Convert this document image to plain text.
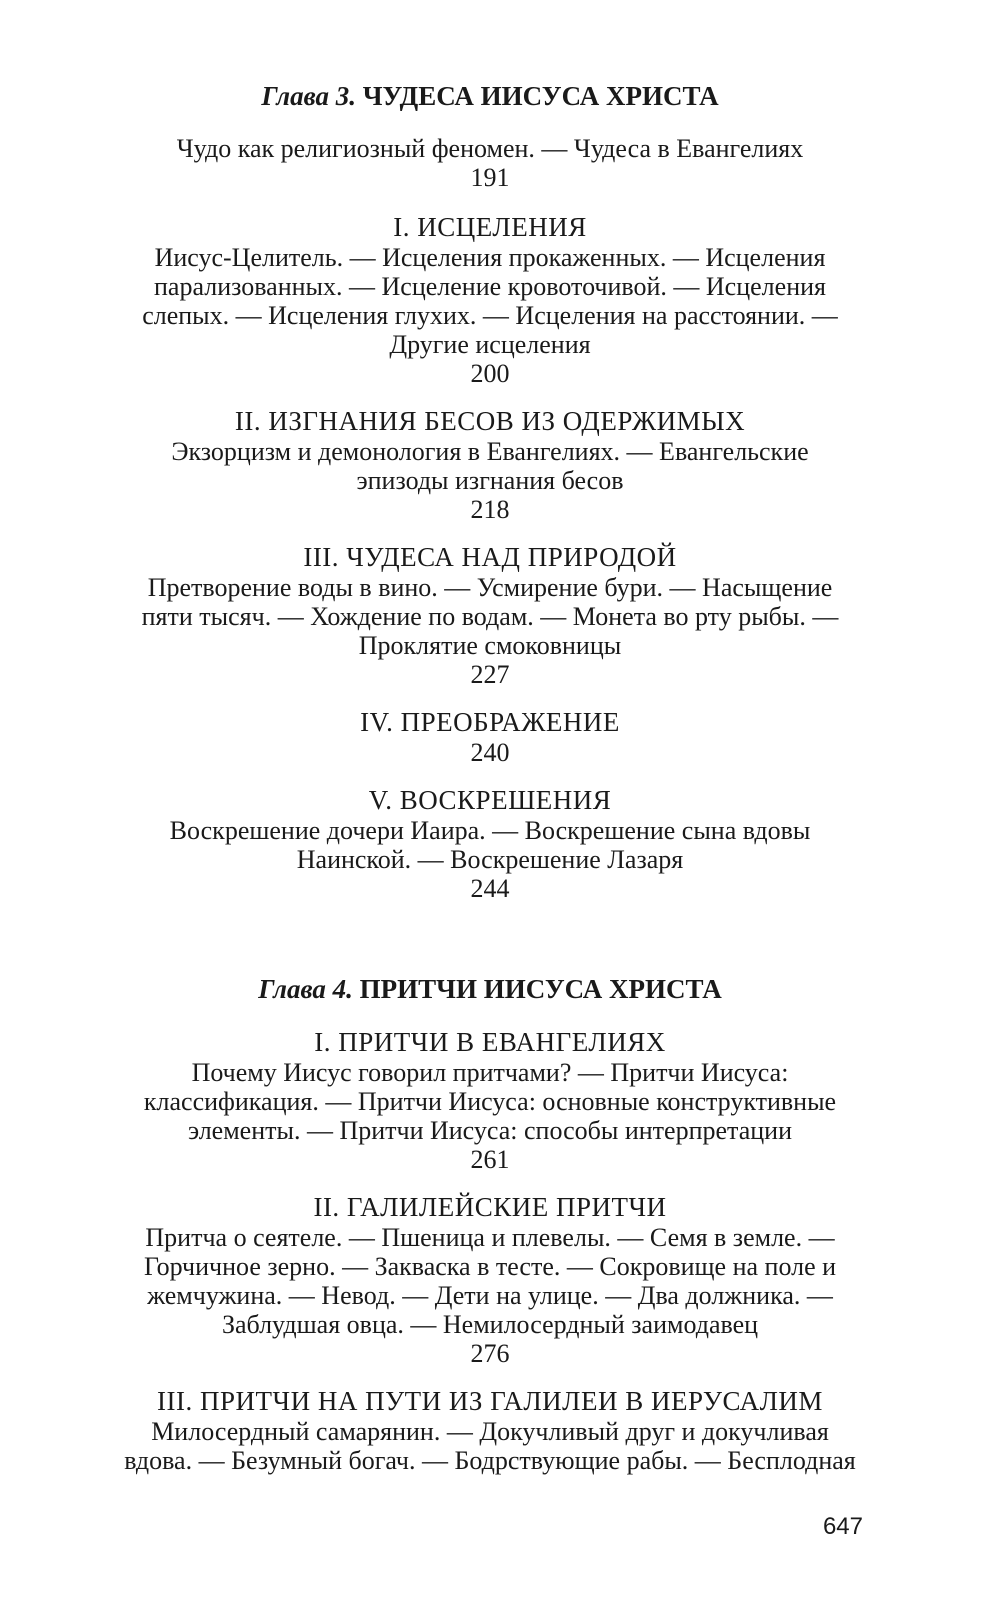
Глава 3. ЧУДЕСА ИИСУСА ХРИСТА
Чудо как религиозный феномен. — Чудеса в Евангелиях
191
I. ИСЦЕЛЕНИЯ
Иисус-Целитель. — Исцеления прокаженных. — Исцеления
парализованных. — Исцеление кровоточивой. — Исцеления
слепых. — Исцеления глухих. — Исцеления на расстоянии. —
Другие исцеления
200
II. ИЗГНАНИЯ БЕСОВ ИЗ ОДЕРЖИМЫХ
Экзорцизм и демонология в Евангелиях. — Евангельские
эпизоды изгнания бесов
218
III. ЧУДЕСА НАД ПРИРОДОЙ
Претворение воды в вино. — Усмирение бури. — Насыщение
пяти тысяч. — Хождение по водам. — Монета во рту рыбы. —
Проклятие смоковницы
227
IV. ПРЕОБРАЖЕНИЕ
240
V. ВОСКРЕШЕНИЯ
Воскрешение дочери Иаира. — Воскрешение сына вдовы
Наинской. — Воскрешение Лазаря
244
Глава 4. ПРИТЧИ ИИСУСА ХРИСТА
I. ПРИТЧИ В ЕВАНГЕЛИЯХ
Почему Иисус говорил притчами? — Притчи Иисуса:
классификация. — Притчи Иисуса: основные конструктивные
элементы. — Притчи Иисуса: способы интерпретации
261
II. ГАЛИЛЕЙСКИЕ ПРИТЧИ
Притча о сеятеле. — Пшеница и плевелы. — Семя в земле. —
Горчичное зерно. — Закваска в тесте. — Сокровище на поле и
жемчужина. — Невод. — Дети на улице. — Два должника. —
Заблудшая овца. — Немилосердный заимодавец
276
III. ПРИТЧИ НА ПУТИ ИЗ ГАЛИЛЕИ В ИЕРУСАЛИМ
Милосердный самарянин. — Докучливый друг и докучливая
вдова. — Безумный богач. — Бодрствующие рабы. — Бесплодная
647
